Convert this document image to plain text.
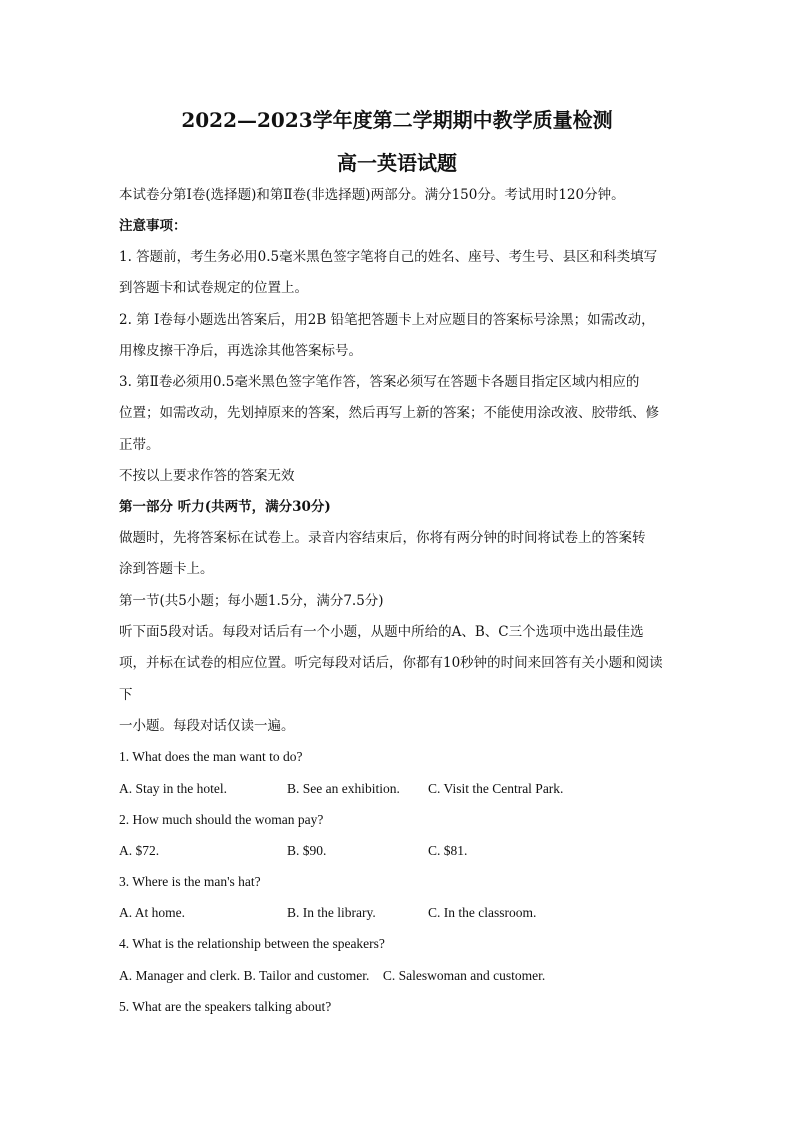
2022—2023学年度第二学期期中教学质量检测
高一英语试题
本试卷分第Ⅰ卷(选择题)和第Ⅱ卷(非选择题)两部分。满分150分。考试用时120分钟。
注意事项：
1. 答题前，考生务必用0.5毫米黑色签字笔将自己的姓名、座号、考生号、县区和科类填写
到答题卡和试卷规定的位置上。
2. 第 Ⅰ卷每小题选出答案后，用2B 铅笔把答题卡上对应题目的答案标号涂黑；如需改动，
用橡皮擦干净后，再选涂其他答案标号。
3. 第Ⅱ卷必须用0.5毫米黑色签字笔作答，答案必须写在答题卡各题目指定区域内相应的
位置；如需改动，先划掉原来的答案，然后再写上新的答案；不能使用涂改液、胶带纸、修
正带。
不按以上要求作答的答案无效
第一部分 听力(共两节，满分30分)
做题时，先将答案标在试卷上。录音内容结束后，你将有两分钟的时间将试卷上的答案转
涂到答题卡上。
第一节(共5小题；每小题1.5分，满分7.5分)
听下面5段对话。每段对话后有一个小题，从题中所给的A、B、C三个选项中选出最佳选
项，并标在试卷的相应位置。听完每段对话后，你都有10秒钟的时间来回答有关小题和阅读
下
一小题。每段对话仅读一遍。
1. What does the man want to do?
A. Stay in the hotel.	B. See an exhibition. C. Visit the Central Park.
2. How much should the woman pay?
A. $72.	B. $90.	C. $81.
3. Where is the man's hat?
A. At home.	B. In the library.	C. In the classroom.
4. What is the relationship between the speakers?
A. Manager and clerk. B. Tailor and customer.    C. Saleswoman and customer.
5. What are the speakers talking about?
